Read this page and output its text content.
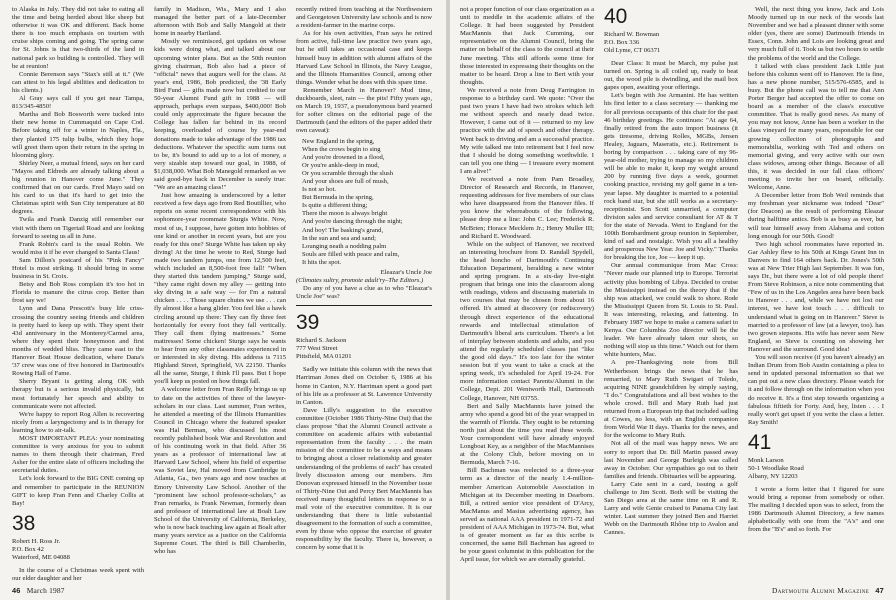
to Alaska in July. They did not take to eating all the time and being herded about like sheep but otherwise it was OK and different. Back home there is too much emphasis on tourism with cruise ships coming and going. The spring came for St. Johns is that two-thirds of the land in national park so building is controlled. They will be at reunion!

Connie Berenson says "Stax's still at it." (We can attest to his legal abilities and dedication to his clients.)

Al Gray says call if you get near Tampa, 813/345-4850!

Martha and Bob Bosworth were tucked into their new home in Cummaquid on Cape Cod. Before taking off for a winter in Naples, Fla., they planted 175 tulip bulbs, which they hope will greet them upon their return in the spring in blooming glory.

Shirley Neer, a mutual friend, says on her card "Mayos and Eldreds are already talking about a big reunion in Hanover come June." They confirmed that on our cards. Fred Mayo said on his card to us that it's hard to get into the Christmas spirit with Sun City temperature at 80 degrees.

Twila and Frank Danzig still remember our visit with them on Tigertail Road and are looking forward to seeing us all in June.

Frank Robin's card is the usual Robin. We would miss it if he ever changed to Santa Claus!

Sam Dillon's postcard of his "Pink Fancy" Hotel is most striking. It should bring in some business in St. Croix.

Betsy and Bob Ross complain it's too hot in Florida to manure the citrus crop. Better than frost say we!

Lynn and Dana Prescott's busy life criss-crossing the country seeing friends and children is pretty hard to keep up with. They spent their 43d anniversary in the Monterey/Carmel area, where they spent their honeymoon and first months of wedded bliss. They came east to the Hanover Boat House dedication, where Dana's '37 crew was one of five honored in Dartmouth's Rowing Hall of Fame.

Sherry Bryant is getting along OK with therapy but is a serious invalid physically, but most fortunately her speech and ability to communicate were not affected.

We're happy to report Rog Allen is recovering nicely from a laryngectomy and is in therapy for learning how to air-talk.

MOST IMPORTANT PLEA: your nominating committee is very anxious for you to submit names to them through their chairman, Fred Asher for the entire slate of officers including the secretarial duties.

Let's look forward to the BIG ONE coming up and remember to participate in the REUNION GIFT to keep Fran Fenn and Charley Collis at Bay!

38
Robert H. Ross Jr.
P.O. Box 42
Waterford, ME 04088

In the course of a Christmas week spent with our elder daughter and her

family in Madison, Wis., Mary and I also managed the better part of a late-December afternoon with Bob and Sally Mangold at their home in nearby Hartland.

Mostly we reminisced, got updates on whose kids were doing what, and talked about our upcoming winter plans. But as the 50th reunion giving chairman, Bob also had a piece of "official" news that augurs well for the class. At year's end, 1986, Bob predicted, the '38 Early Bird Fund — gifts made now but credited to our 50-year Alumni Fund gift in 1988 — will approach, perhaps even surpass, $400,000! Bob could only approximate the figure because the College has fallen far behind in its record keeping, overloaded of course by year-end donations made to take advantage of the 1986 tax deductions. Whatever the specific sum turns out to be, it's bound to add up to a lot of money, a very sizable step toward our goal, in 1988, of $1,038,000. What Bob Manegold remarked as we said good-bye back in December is surely true: "We are an amazing class!"

Just how amazing is underscored by a letter received a few days ago from Red Boutillier, who reports on some recent correspondence with his sophomore-year roommate Sturgis White. Now, most of us, I suppose, have gotten into hobbies of one kind or another in recent years, but are you ready for this one? Sturge White has taken up sky diving! At the time he wrote to Red, Sturge had made two tandem jumps, one from 12,500 feet, which included an 8,500-foot free fall! "When they started this tandem jumping," Sturge said, "they came right down my alley — getting into sky diving in a safe way — for I'm a natural chicken . . . . Those square chutes we use . . . can fly almost like a hang glider. You feel like a hawk circling around up there: They can fly three feet horizontally for every foot they fall vertically. They call them flying mattresses." Some mattresses! Some chicken! Sturge says he wants to hear from any other classmates experienced in or interested in sky diving. His address is 7115 Highland Street, Springfield, VA 22150. Thanks all the same, Sturge, I think I'll pass. But I hope you'll keep us posted on how things fall.

A welcome letter from Fran Reilly brings us up to date on the activities of three of the lawyer-scholars in our class. Last summer, Fran writes, he attended a meeting of the Illinois Humanities Council in Chicago where the featured speaker was Hal Berman, who discussed his most recently published book War and Revolution and of his continuing work in that field. After 36 years as a professor of international law at Harvard Law School, where his field of expertise was Soviet law, Hal moved from Cambridge to Atlanta, Ga., two years ago and now teaches at Emory University Law School. Another of the "prominent law school professor-scholars," as Fran remarks, is Frank Newman, formerly dean and professor of international law at Boalt Law School of the University of California, Berkeley, who is now back teaching law again at Boalt after many years service as a justice on the California Supreme Court. The third is Bill Chamberlin, who has

recently retired from teaching at the Northwestern and Georgetown University law schools and is now a resident-farmer in the marine corps.

As for his own activities, Fran says he retired from active, full-time law practice two years ago, but he still takes an occasional case and keeps himself busy in addition with alumni affairs of the Harvard Law School in Illinois, the Navy League, and the Illinois Humanities Council, among other things. Wonder what he does with this spare time.

Remember March in Hanover? Mud time, duckboards, sleet, rain — the pits! Fifty years ago, on March 19, 1937, a pseudonymous bard yearned for softer climes on the editorial page of the Dartmouth (and the editors of the paper added their own caveat):

New England in the spring,
When the crows begin to sing
And you're drowned in a flood,
Or you're ankle-deep in mud,
Or you scramble through the slush
And your shoes are full of mush,
Is not so hot.
But Bermuda in the spring,
Is quite a different thing;
There the moon is always bright
And you're dancing through the night;
And boy! The basking's grand,
In the sun and sea and sand;
Lounging neath a nodding palm
Souls are filled with peace and calm,
It hits the spot.

Eleazar's Uncle Joe

(Climates sultry, promote adult'ry–The Editors.)

Do any of you have a clue as to who "Eleazar's Uncle Joe" was?

39
Richard S. Jackson
777 West Street
Pittsfield, MA 01201

Sadly we initiate this column with the news that Harriman Jones died on October 6, 1986 at his home in Canton, N.Y. Harriman spent a good part of his life as a professor at St. Lawrence University in Canton.

Dave Lilly's suggestion to the executive committee (October 1986 Thirty-Nine Out) that the class propose "that the Alumni Council activate a committee on academic affairs with substantial representation from the faculty . . . the main mission of the committee to be a ways and means to bringing about a closer relationship and greater understanding of the problems of each" has created lively discussion among our members. Jim Donovan expressed himself in the November issue of Thirty-Nine Out and Percy Bert MacMannis has received many thoughtful letters in response to a mail vote of the executive committee. It is our understanding that there is little substantial disagreement to the formation of such a committee, even by those who oppose the exercise of greater responsibility by the faculty. There is, however, a concern by some that it is

46 March 1987

not a proper function of our class organization as a unit to meddle in the academic affairs of the College. It had been suggested by President MacMannis that Jack Cumming, our representative on the Alumni Council, bring the matter on behalf of the class to the council at their June meeting. This still affords some time for those interested in expressing their thoughts on the matter to be heard. Drop a line to Bert with your thoughts.

We received a note from Doug Farrington in response to a birthday card. We quote: "Over the past two years I have had two strokes which left me without speech and nearly dead twice. However, I came out of it — returned to my law practice with the aid of speech and other therapy. Went back to driving and am a successful practice. My wife talked me into retirement but I feel now that I should be doing something worthwhile. I can tell you one thing — I treasure every moment I am alive!"

We received a note from Pam Broadley, Director of Research and Records, in Hanover, requesting addresses for five members of our class who have disappeared from the Hanover files. If you know the whereabouts of the following, please drop me a line: John C. Lee; Frederick R. McBrien; Horace Mecklem Jr.; Henry Muller III; and Richard E. Woodward.

While on the subject of Hanover, we received an interesting brochure from D. Randall Spydell, the head honcho of Dartmouth's Continuing Education Department, heralding a new winter and spring program. In a six-day live-night program that brings one into the classroom along with readings, videos and discussing materials in two courses that may be chosen from about 16 offered. It's aimed at discovery (or rediscovery) through direct experience of the educational rewards and intellectual stimulation of Dartmouth's liberal arts curriculum. There's a lot of interplay between students and adults, and you attend the regularly scheduled classes just "like the good old days." It's too late for the winter session but if you want to take a crack at the spring week, it's scheduled for April 19-24. For more information contact Parents/Alumni in the College, Dept. 201 Wentworth Hall, Dartmouth College, Hanover, NH 03755.

Bert and Sally MacMannis have joined the army who spend a good bit of the year wrapped in the warmth of Florida. They ought to be returning north just about the time you read these words. Your correspondent will have already enjoyed Longboat Key, as a neighbor of the MacMannises at the Colony Club, before moving on to Bermuda, March 7-16.

Bill Bachman was reelected to a three-year term as a director of the nearly 1.4-million-member American Automobile Association in Michigan at its December meeting in Dearborn. Bill, a retired senior vice president of D'Arcy, MacManus and Masius advertising agency, has served as national AAA president in 1971-72 and president of AAA Michigan in 1973-74. But, what is of greater moment as far as this scribe is concerned, the same Bill Bachman has agreed to be your guest columnist in this publication for the April issue, for which we are eternally grateful.

40
Richard W. Bowman
P.O. Box 336
Old Lyme, CT 06371

Dear Class: It must be March, my pulse just turned on. Spring is all coiled up, ready to beat out, the wood pile is dwindling, and the mail box gapes open, awaiting your offerings.

Let's begin with Joe Armanini. He has written his first letter to a class secretary — thanking me for all previous occupants of this chair for the past 46 birthday greetings. He continues: "At age 64, finally retired from the auto import business (it gets tiresome, driving Rolles, MGBs, Jensen Healey, Jaguars, Maseratis, etc.). Retirement is boring by comparison . . . taking care of my 96-year-old mother, trying to manage so my children will be able to make it, keep my weight around 200 by running five days a week, gourmet cooking practice, revising my golf game in a ten-year lapse. My daughter is married to a potential rock band star, but she still works as a secretary-receptionist. Son Scott unmarried, a computer division sales and service consultant for AT & T for the state of Nevada. Went to England for the 100th Bombardment group reunion in September, kind of sad and nostalgic. Wish you all a healthy and prosperous New Year. Joe and Vicky." Thanks for breaking the ice, Joe — keep it up.

Our annual communique from Mac Cross: "Never made our planned trip to Europe. Terrorist activity plus bombing of Libya. Decided to cruise the Mississippi instead on the theory that if the ship was attacked, we could walk to shore. Rode the Mississippi Queen from St. Louis to St. Paul. It was interesting, relaxing, and fattening. In February 1987 we hope to make a camera safari to Kenya. Our Columbia Zoo director will be the leader. We have already taken our shots, so nothing will stop us this time." Watch out for them white hunters, Mac.

A pre-Thanksgiving note from Bill Wetherbeson brings the news that he has remarried, to Mary Ruth Swigart of Toledo, acquiring NINE grandchildren by simply saying, "I do." Congratulations and all best wishes to the whole crowd. Bill and Mary Ruth had just returned from a European trip that included sailing at Cowes, no less, with an English companion from World War II days. Thanks for the news, and for the welcome to Mary Ruth.

Not all of the mail was happy news. We are sorry to report that Dr. Bill Martin passed away last November and George Burleigh was called away in October. Our sympathies go out to their families and friends. Obituaries will be appearing.

Larry Cate sent in a card, issuing a golf challenge to Jim Scott. Both will be visiting the San Diego area at the same time on R and R. Larry and wife Genie cruised to Panama City last winter. Last summer they joined Ben and Harriet Webb on the Dartmouth Rhône trip to Avalon and Cannes.

Well, the next thing you know, Jack and Lois Moody turned up in our neck of the woods last November and we had a pleasant dinner with some older (yes, there are some) Dartmouth friends in Essex, Conn. John and Lois are looking great and very much full of it. Took us but two hours to settle the problems of the world and the College.

I talked with class president Jack Little just before this column went off to Hanover. He is fine, has a new phone number, 515/576-6585, and is busy. But the phone call was to tell me that Ann Porter Berger had accepted the offer to come on board as a member of the class's executive committee. That is really good news. As many of you may not know, Anne has been a worker in the class vineyard for many years, responsible for our growing collection of photographs and memorabilia, working with Ted and others on memorial giving, and very active with our own class widows, among other things. Because of all this, it was decided in our fall class officers' meeting to invite her on board, officially. Welcome, Anne.

A December letter from Bob Weil reminds that my freshman year nickname was indeed "Dear" (for Deacon) as the result of performing Eleazar during halftime antics. Bob is as busy as ever, but will tear himself away from Alabama and cotton long enough for our 50th. Good!

Two high school roommates have reported in. Gar Ashley flew to his 50th at Kings Grant Inn in Danvers to find 164 others back. Dr. Jones's 50th was at New Trier High last September. It was fun, says Dr., but there were a lot of old people there! From Steve Robinson, a nice note commenting that "Few of us in the Los Angeles area have been back to Hanover . . . and, while we have not lost our interest, we have lost touch . . . difficult to understand what is going on in Hanover." Steve is married to a professor of law (at a lawyer, too). has two grown stepsons. His wife has never seen New England, so Steve is counting on showing her Hanover and the surround. Good idea!

You will soon receive (if you haven't already) an Indian Drum from Bob Austin containing a plea to send in updated personal information so that we can put out a new class directory. Please watch for it and follow through on the information when you do receive it. It's a first step towards organizing a fabulous fiftieth for Forty. And, hey, listen . . . I really won't get upset if you write the class a letter. Ray Smith!

41
Monk Larson
50-1 Woodlake Road
Albany, NY 12203

I wrote a form letter that I figured for sure would bring a reponse from somebody or other. The mailing I decided upon was to select, from the 1986 Dartmouth Alumni Directory, a few names alphabetically with one from the "A's" and one from the "B's" and so forth. For

Dartmouth Alumni Magazine 47
